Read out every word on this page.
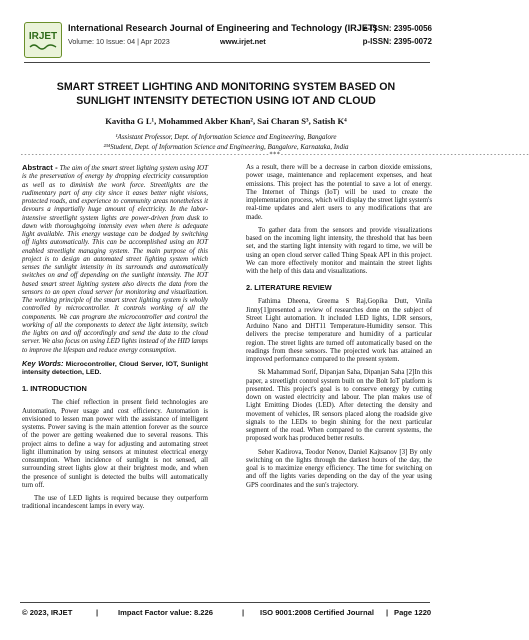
IRJET
International Research Journal of Engineering and Technology (IRJET)
e-ISSN: 2395-0056
Volume: 10 Issue: 04 | Apr 2023	www.irjet.net	p-ISSN: 2395-0072
SMART STREET LIGHTING AND MONITORING SYSTEM BASED ON SUNLIGHT INTENSITY DETECTION USING IOT AND CLOUD
Kavitha G L¹, Mohammed Akber Khan², Sai Charan S³, Satish K⁴
¹Assistant Professor, Dept. of Information Science and Engineering, Bangalore
²³⁴Student, Dept. of Information Science and Engineering, Bangalore, Karnataka, India
---------------------------------------------------------------------***---------------------------------------------------------------------

Abstract - The aim of the smart street lighting system using IOT is the preservation of energy by dropping electricity consumption as well as to diminish the work force. Streetlights are the rudimentary part of any city since it eases better night visions, protected roads, and experience to community areas nonetheless it devours a impartially huge amount of electricity. In the labor-intensive streetlight system lights are power-driven from dusk to dawn with thoroughgoing intensity even when there is adequate light available. This energy wastage can be dodged by switching off lights automatically. This can be accomplished using an IOT enabled streetlight managing system. The main purpose of this project is to design an automated street lighting system which senses the sunlight intensity in its surrounds and automatically switches on and off depending on the sunlight intensity. The IOT based smart street lighting system also directs the data from the sensors to an open cloud server for monitoring and visualization. The working principle of the smart street lighting system is wholly controlled by microcontroller. It controls working of all the components. We can program the microcontroller and control the working of all the components to detect the light intensity, switch the lights on and off accordingly and send the data to the cloud server. We also focus on using LED lights instead of the HID lamps to improve the lifespan and reduce energy consumption.

Key Words: Microcontroller, Cloud Server, IOT, Sunlight intensity detection, LED.

1. INTRODUCTION

The chief reflection in present field technologies are Automation, Power usage and cost efficiency. Automation is envisioned to lessen man power with the assistance of intelligent systems. Power saving is the main attention forever as the source of the power are getting weakened due to several reasons. This project aims to define a way for adjusting and automating street light illumination by using sensors at minutest electrical energy consumption. When incidence of sunlight is not sensed, all surrounding street lights glow at their brightest mode, and when the presence of sunlight is detected the bulbs will automatically turn off.

The use of LED lights is required because they outperform traditional incandescent lamps in every way.

As a result, there will be a decrease in carbon dioxide emissions, power usage, maintenance and replacement expenses, and heat emissions. This project has the potential to save a lot of energy. The Internet of Things (IoT) will be used to create the implementation process, which will display the street light system's real-time updates and alert users to any modifications that are made.

To gather data from the sensors and provide visualizations based on the incoming light intensity, the threshold that has been set, and the starting light intensity with regard to time, we will be using an open cloud server called Thing Speak API in this project. We can more effectively monitor and maintain the street lights with the help of this data and visualizations.

2. LITERATURE REVIEW

Fathima Dheena, Greema S Raj,Gopika Dutt, Vinila Jinny[1]presented a review of researches done on the subject of Street Light automation. It included LED lights, LDR sensors, Arduino Nano and DHT11 Temperature-Humidity sensor. This delivers the precise temperature and humidity of a particular region. The street lights are turned off automatically based on the readings from these sensors. The projected work has attained an improved performance compared to the present system.

Sk Mahammad Sorif, Dipanjan Saha, Dipanjan Saha [2]In this paper, a streetlight control system built on the Bolt IoT platform is presented. This project's goal is to conserve energy by cutting down on wasted electricity and labour. The plan makes use of Light Emitting Diodes (LED). After detecting the density and movement of vehicles, IR sensors placed along the roadside give signals to the LEDs to begin shining for the next particular segment of the road. When compared to the current systems, the proposed work has produced better results.

Seher Kadirova, Teodor Nenov, Daniel Kajtsanov [3] By only switching on the lights through the darkest hours of the day, the goal is to maximize energy efficiency. The time for switching on and off the lights varies depending on the day of the year using GPS coordinates and the sun's trajectory.

© 2023, IRJET	|	Impact Factor value: 8.226	| ISO 9001:2008 Certified Journal | Page 1220
